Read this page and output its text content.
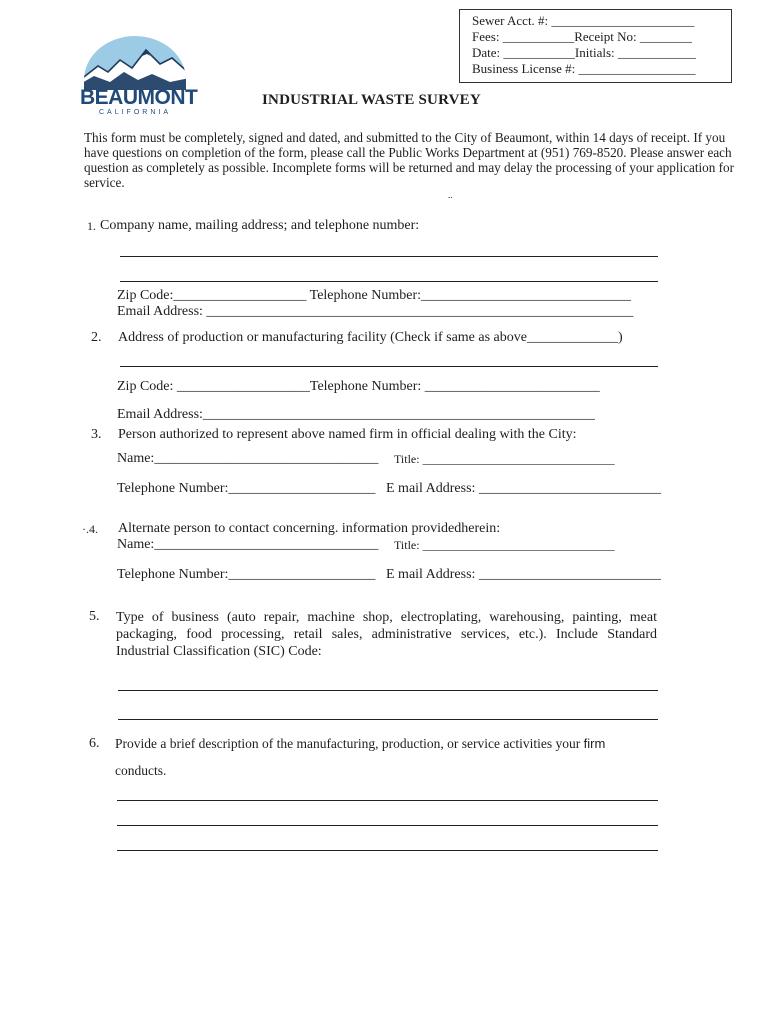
Sewer Acct. #: ______________________
Fees: ___________Receipt No: ________
Date: ___________Initials: ____________
Business License #: __________________
BEAUMONT
CALIFORNIA
INDUSTRIAL WASTE SURVEY
This form must be completely, signed and dated, and submitted to the City of Beaumont, within 14 days of receipt. If you have questions on completion of the form, please call the Public Works Department at (951) 769-8520. Please answer each question as completely as possible. Incomplete forms will be returned and may delay the processing of your application for service.
..
1. Company name, mailing address; and telephone number:
Zip Code:___________________ Telephone Number:______________________________
Email Address: _____________________________________________________________
2. Address of production or manufacturing facility (Check if same as above_____________)
Zip Code: ___________________Telephone Number: _________________________
Email Address:________________________________________________________
3. Person authorized to represent above named firm in official dealing with the City:
Name:________________________________ Title: ________________________________
Telephone Number:_____________________ E mail Address: __________________________
·.4. Alternate person to contact concerning. information providedherein:
Name:________________________________ Title: ________________________________
Telephone Number:_____________________ E mail Address: __________________________
5. Type of business (auto repair, machine shop, electroplating, warehousing, painting, meat packaging, food processing, retail sales, administrative services, etc.). Include Standard Industrial Classification (SIC) Code:
6. Provide a brief description of the manufacturing, production, or service activities your firm
conducts.
